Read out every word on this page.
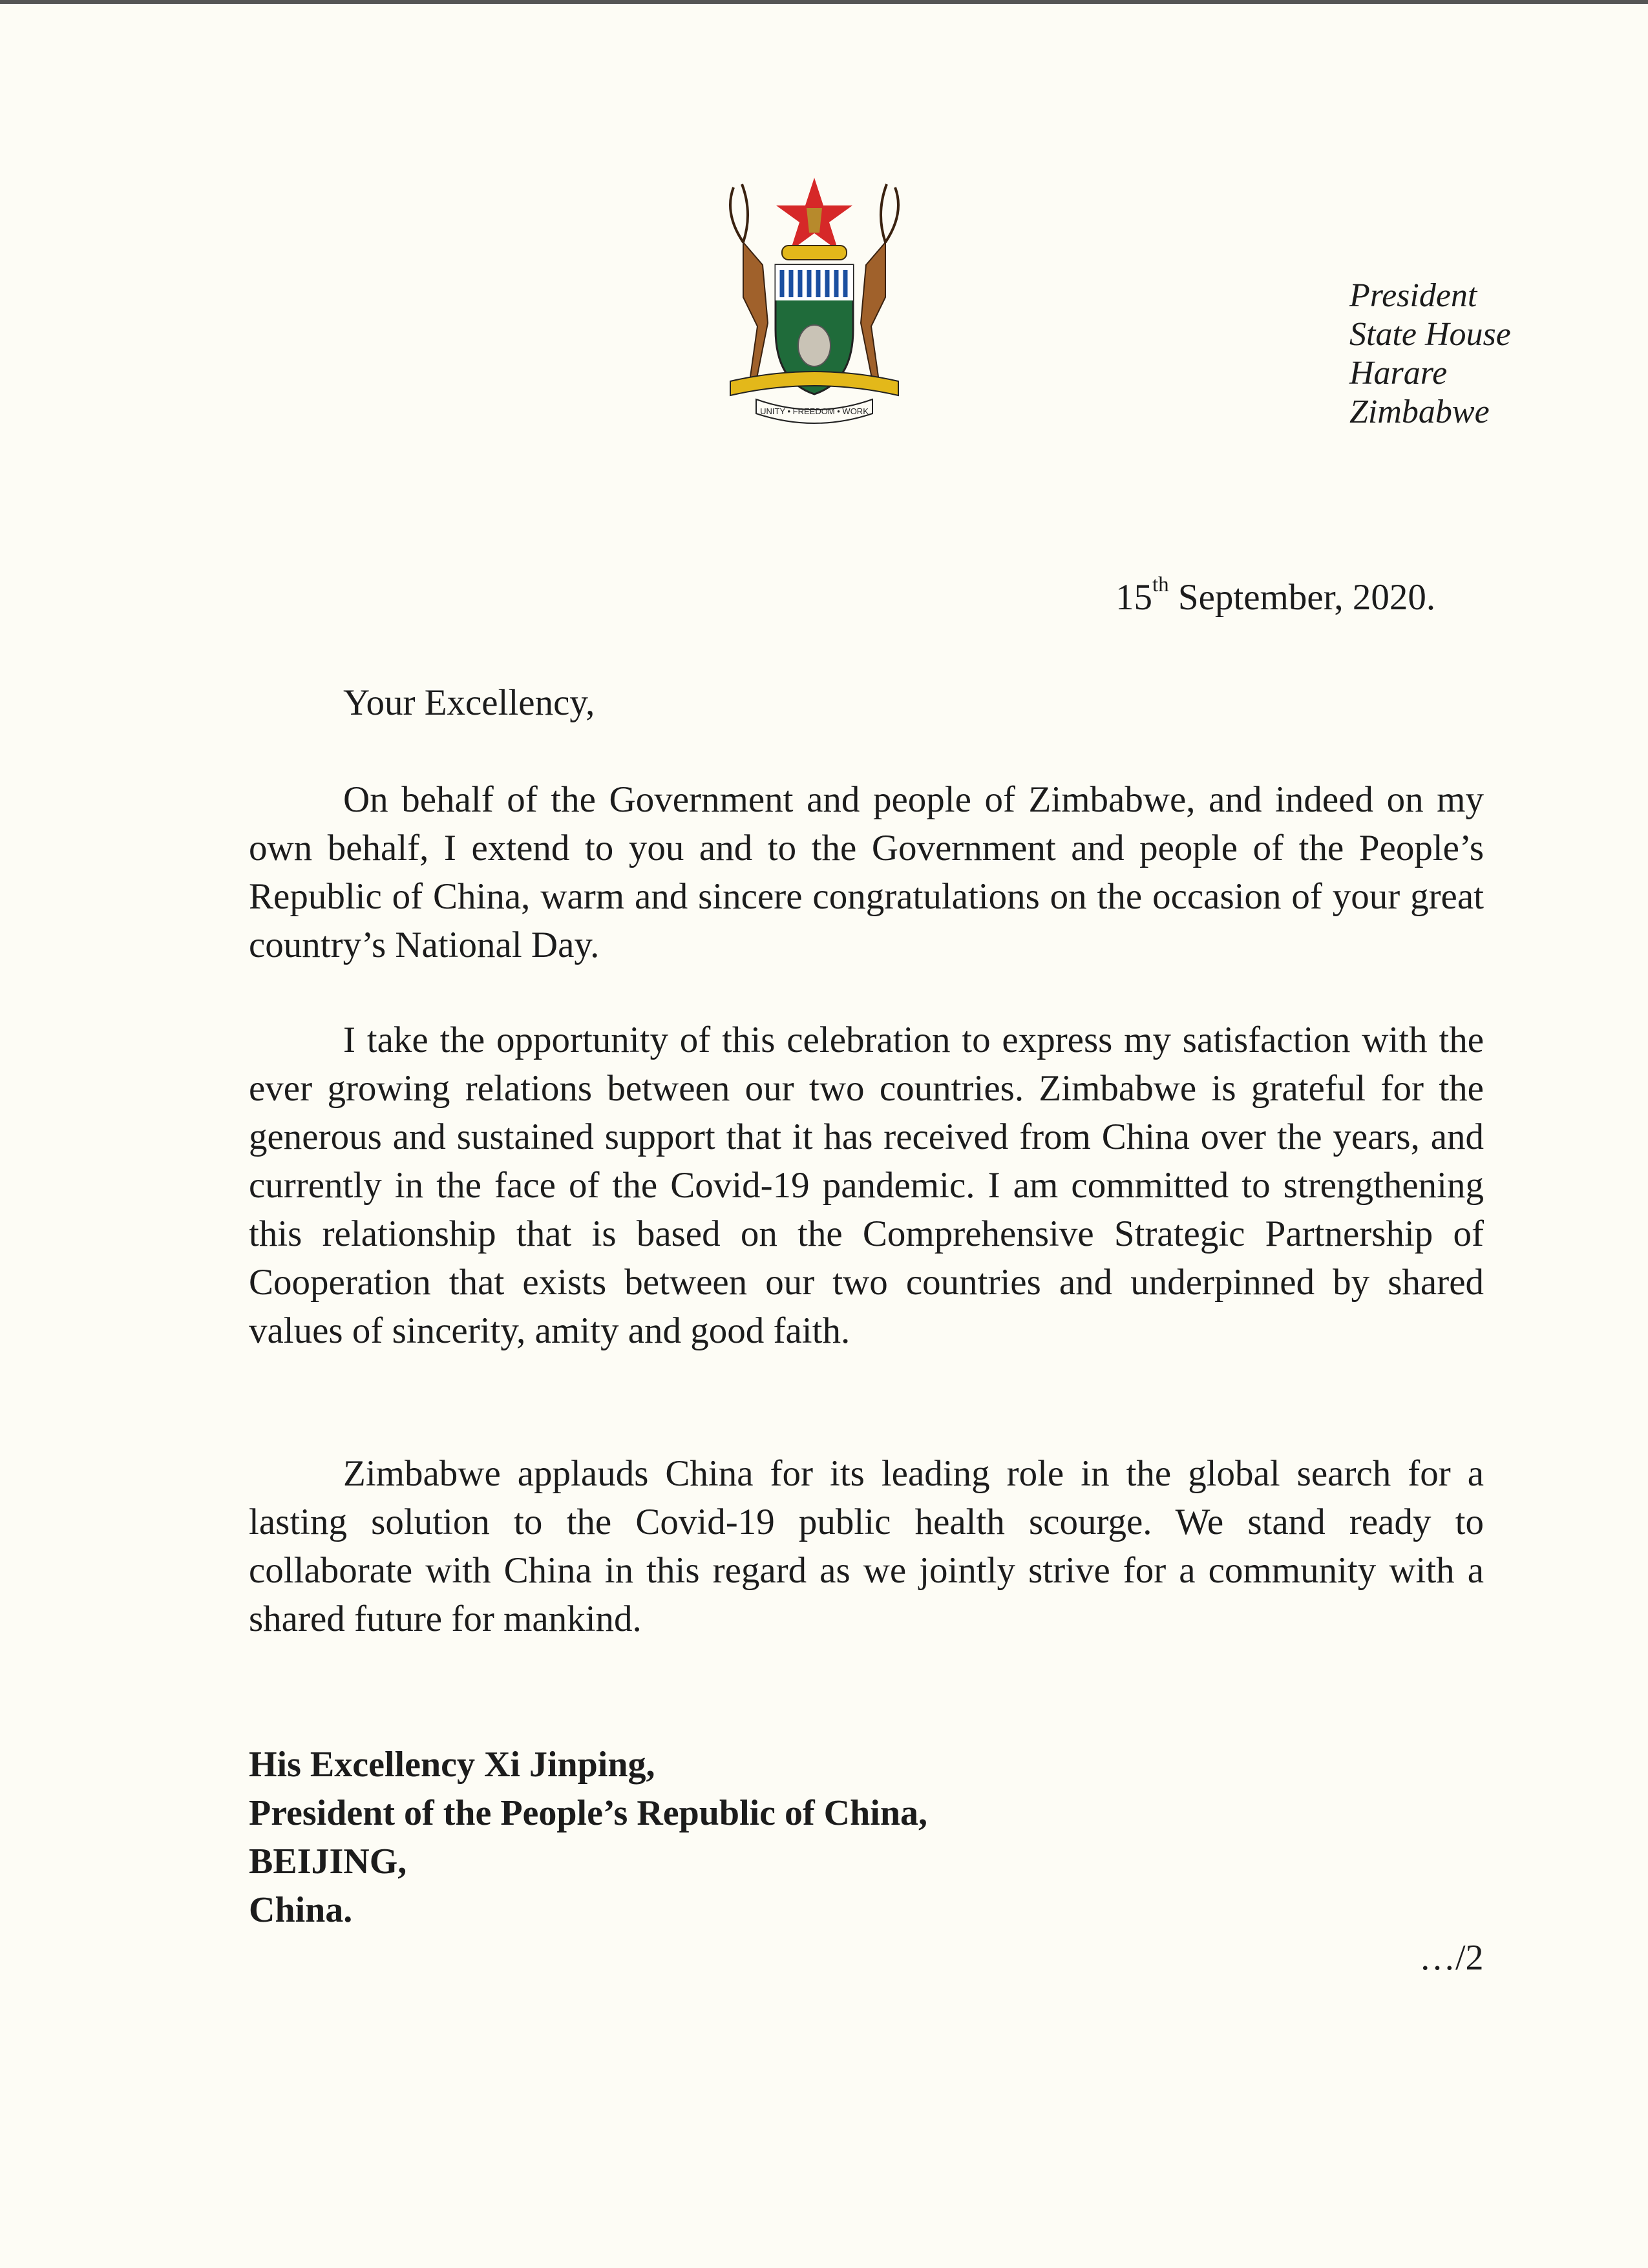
UNITY • FREEDOM • WORK
President
State House
Harare
Zimbabwe
15th September, 2020.
Your Excellency,

On behalf of the Government and people of Zimbabwe, and indeed on my own behalf, I extend to you and to the Government and people of the People’s Republic of China, warm and sincere congratulations on the occasion of your great country’s National Day.

I take the opportunity of this celebration to express my satisfaction with the ever growing relations between our two countries. Zimbabwe is grateful for the generous and sustained support that it has received from China over the years, and currently in the face of the Covid-19 pandemic. I am committed to strengthening this relationship that is based on the Comprehensive Strategic Partnership of Cooperation that exists between our two countries and underpinned by shared values of sincerity, amity and good faith.

Zimbabwe applauds China for its leading role in the global search for a lasting solution to the Covid-19 public health scourge. We stand ready to collaborate with China in this regard as we jointly strive for a community with a shared future for mankind.

His Excellency Xi Jinping,
President of the People’s Republic of China,
BEIJING,
China.
…/2
